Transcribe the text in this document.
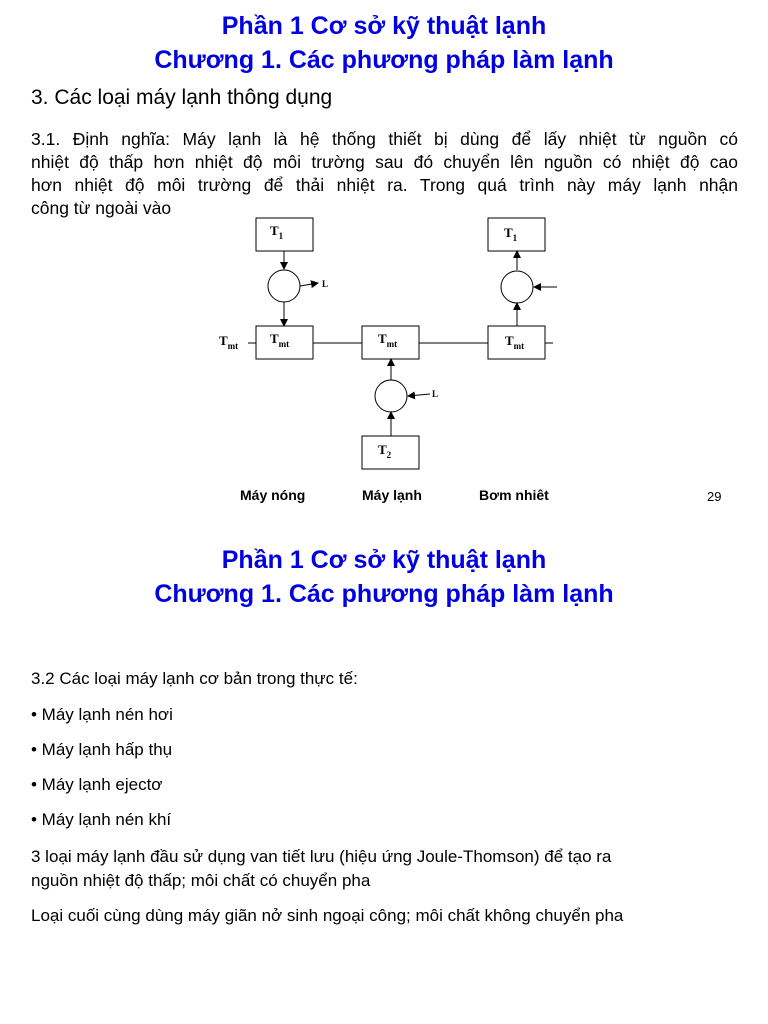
Phần 1 Cơ sở kỹ thuật lạnh
Chương 1. Các phương pháp làm lạnh
3. Các loại máy lạnh thông dụng
3.1. Định nghĩa: Máy lạnh là hệ thống thiết bị dùng để lấy nhiệt từ nguồn có
nhiệt độ thấp hơn nhiệt độ môi trường sau đó chuyển lên nguồn có nhiệt độ cao
hơn nhiệt độ môi trường để thải nhiệt ra. Trong quá trình này máy lạnh nhận
công từ ngoài vào
$T_1$	$T_1$
$T_{mt}$	$T_{mt}$	$T_{mt}$
$T_{mt}$
$T_2$
L
L
Máy nóng	Máy lạnh	Bơm nhiêt	29
Phần 1 Cơ sở kỹ thuật lạnh
Chương 1. Các phương pháp làm lạnh
3.2 Các loại máy lạnh cơ bản trong thực tế:
• Máy lạnh nén hơi
• Máy lạnh hấp thụ
• Máy lạnh ejectơ
• Máy lạnh nén khí
3 loại máy lạnh đầu sử dụng van tiết lưu (hiệu ứng Joule-Thomson) để tạo ra
nguồn nhiệt độ thấp; môi chất có chuyển pha
Loại cuối cùng dùng máy giãn nở sinh ngoại công; môi chất không chuyển pha
